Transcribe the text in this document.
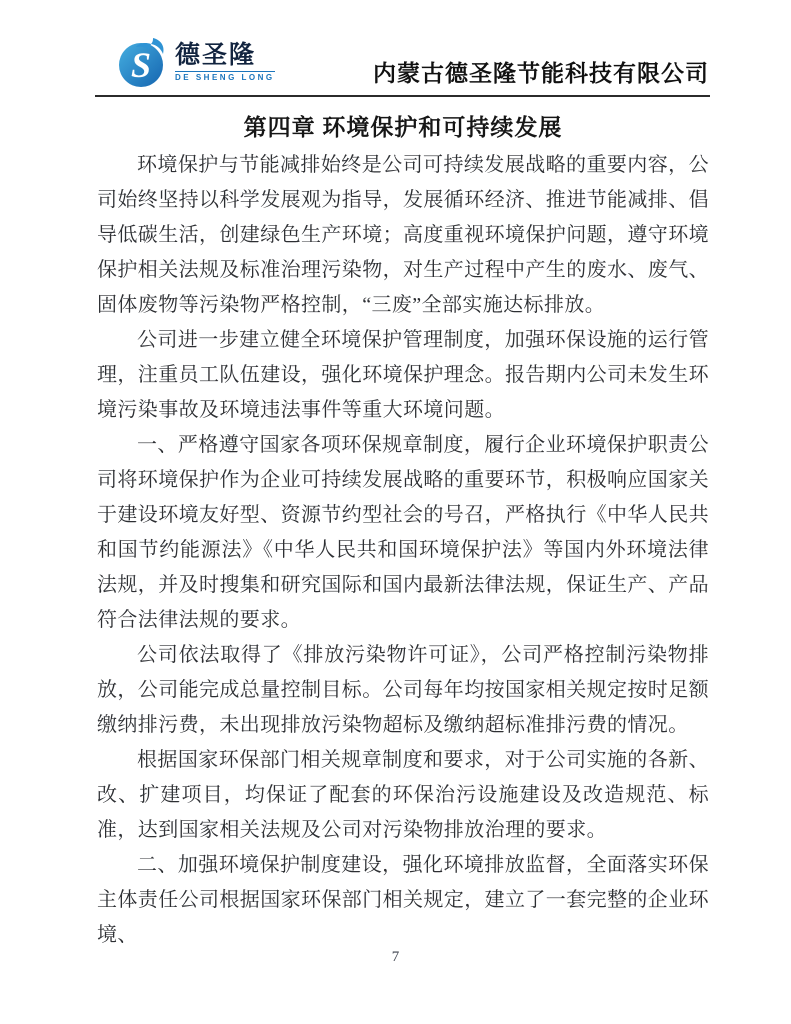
S 德圣隆
DE SHENG LONG	内蒙古德圣隆节能科技有限公司
第四章 环境保护和可持续发展

环境保护与节能减排始终是公司可持续发展战略的重要内容，公司始终坚持以科学发展观为指导，发展循环经济、推进节能减排、倡导低碳生活，创建绿色生产环境；高度重视环境保护问题，遵守环境保护相关法规及标准治理污染物，对生产过程中产生的废水、废气、固体废物等污染物严格控制，“三废”全部实施达标排放。

公司进一步建立健全环境保护管理制度，加强环保设施的运行管理，注重员工队伍建设，强化环境保护理念。报告期内公司未发生环境污染事故及环境违法事件等重大环境问题。

一、严格遵守国家各项环保规章制度，履行企业环境保护职责公司将环境保护作为企业可持续发展战略的重要环节，积极响应国家关于建设环境友好型、资源节约型社会的号召，严格执行《中华人民共和国节约能源法》《中华人民共和国环境保护法》等国内外环境法律法规，并及时搜集和研究国际和国内最新法律法规，保证生产、产品符合法律法规的要求。

公司依法取得了《排放污染物许可证》，公司严格控制污染物排放，公司能完成总量控制目标。公司每年均按国家相关规定按时足额缴纳排污费，未出现排放污染物超标及缴纳超标准排污费的情况。

根据国家环保部门相关规章制度和要求，对于公司实施的各新、改、扩建项目，均保证了配套的环保治污设施建设及改造规范、标准，达到国家相关法规及公司对污染物排放治理的要求。

二、加强环境保护制度建设，强化环境排放监督，全面落实环保主体责任公司根据国家环保部门相关规定，建立了一套完整的企业环境、

7
